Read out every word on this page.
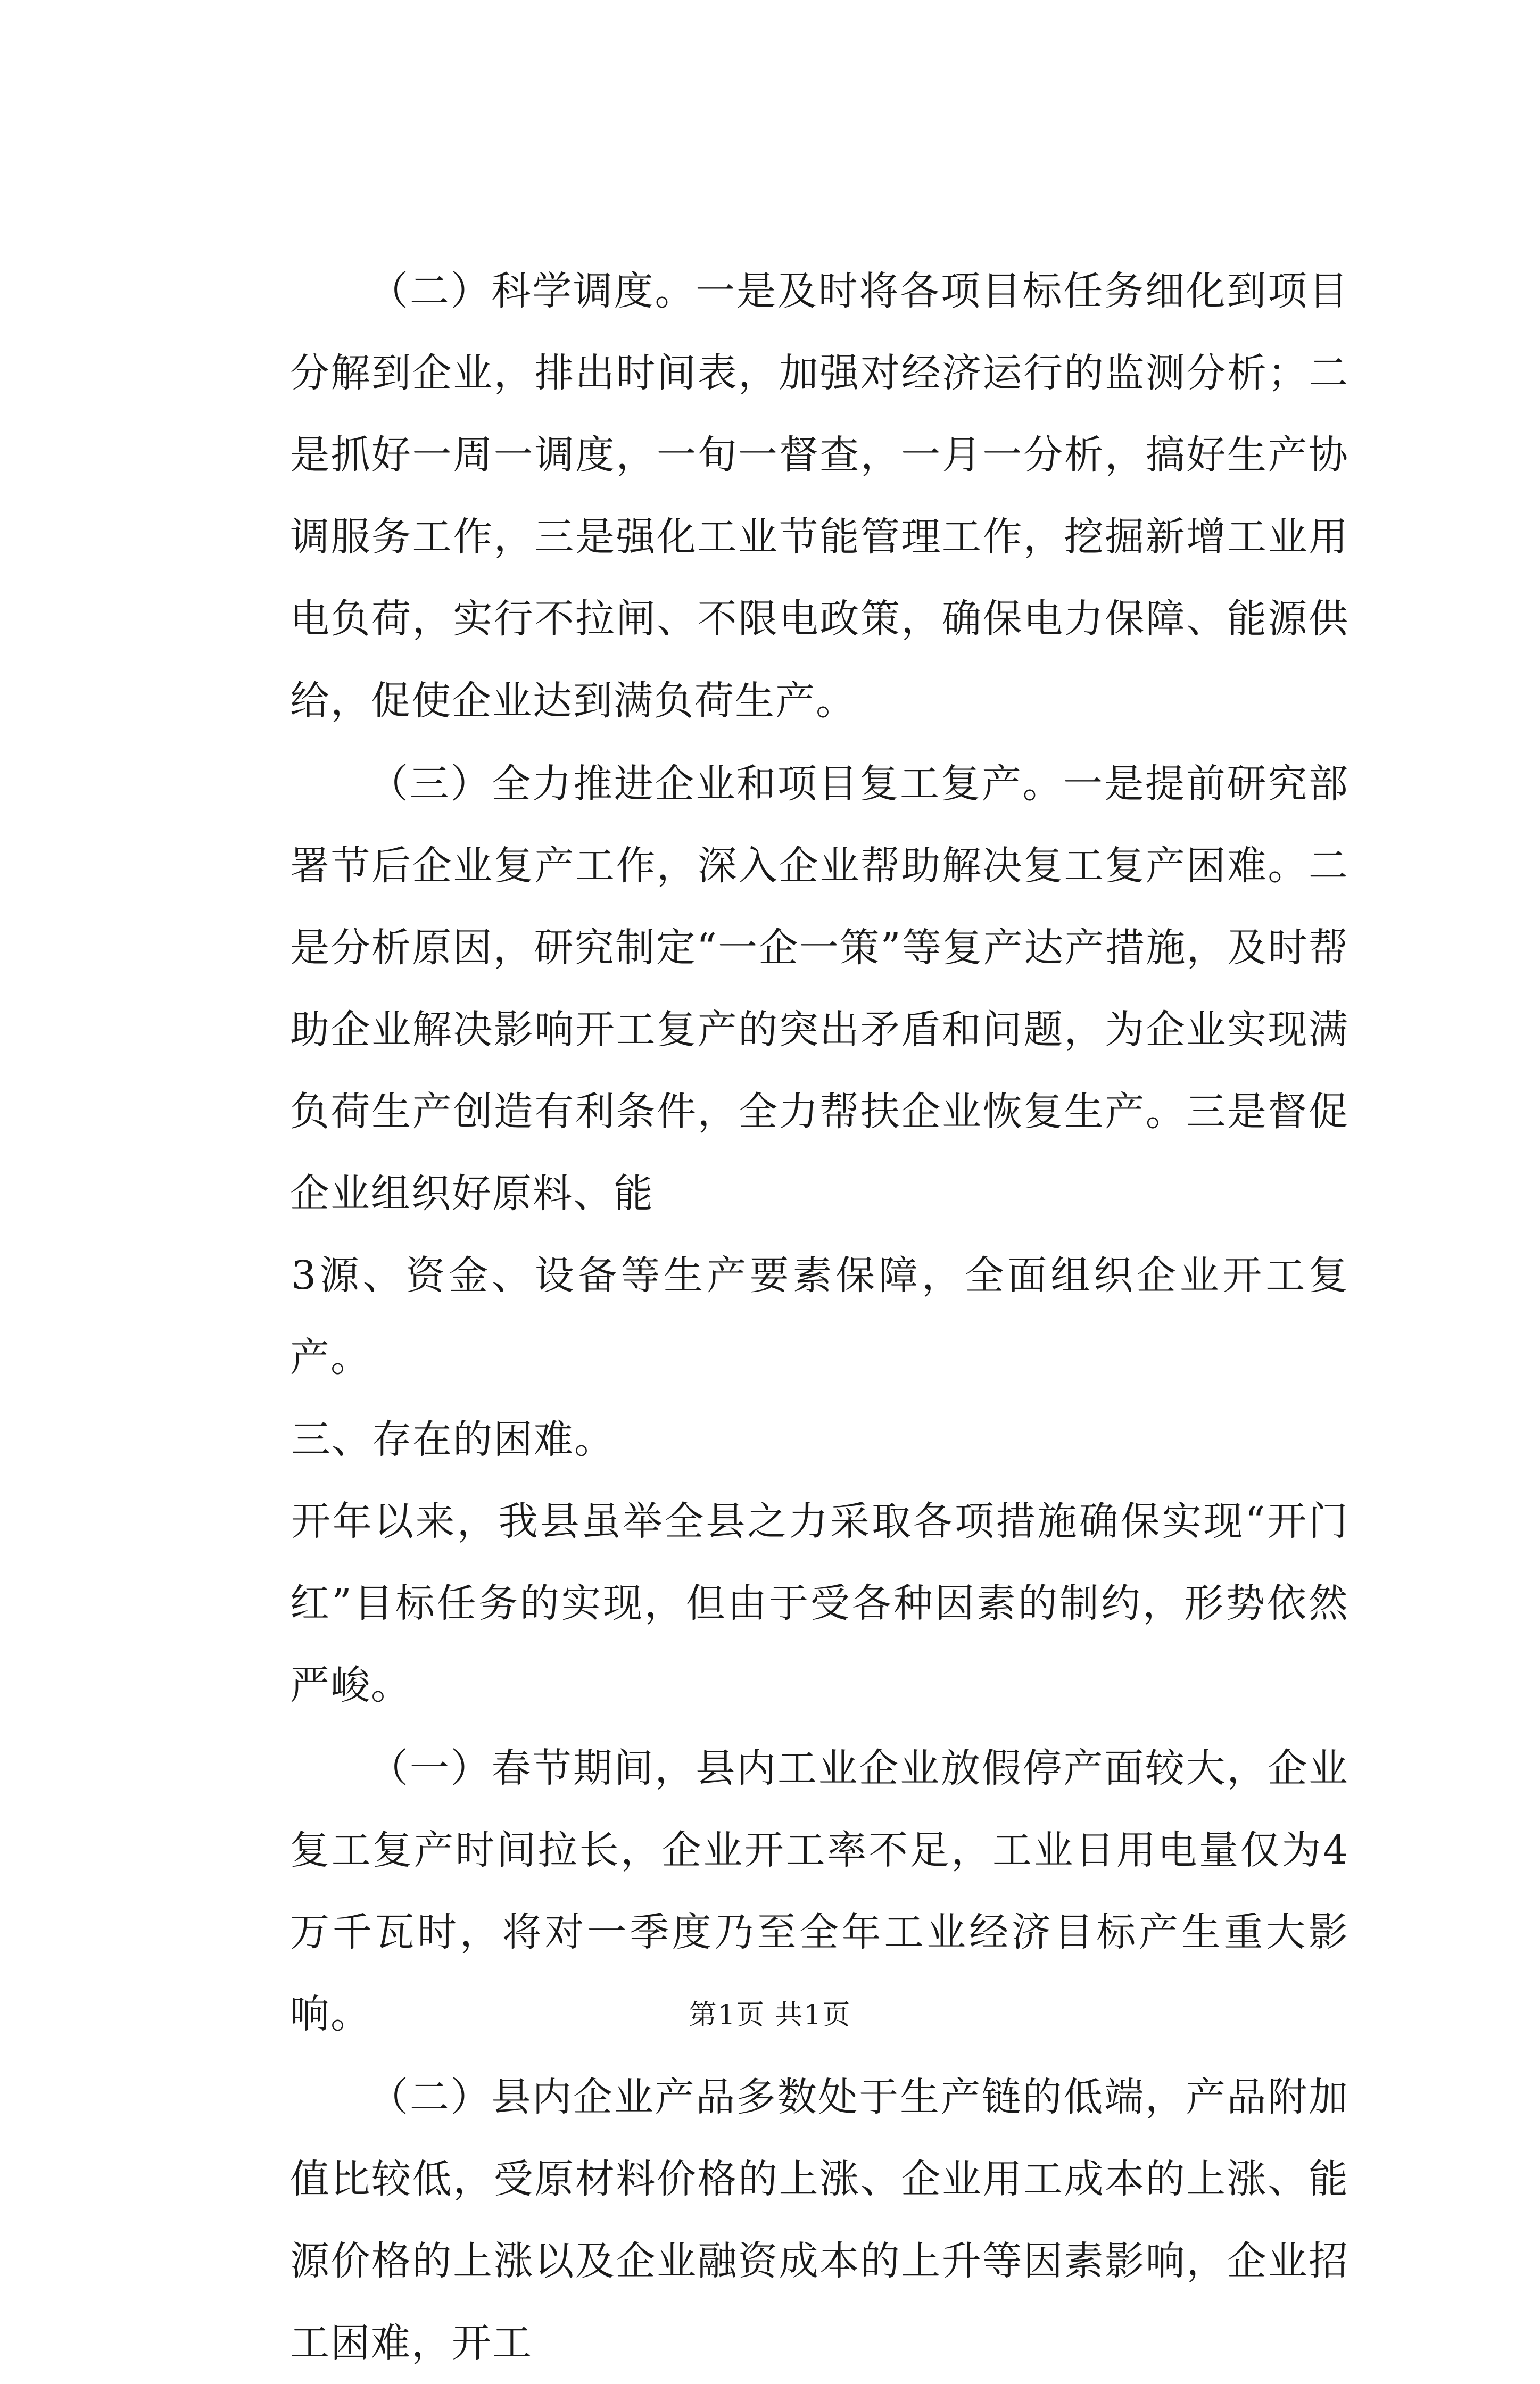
（二）科学调度。一是及时将各项目标任务细化到项目分解到企业，排出时间表，加强对经济运行的监测分析；二是抓好一周一调度，一旬一督查，一月一分析，搞好生产协调服务工作，三是强化工业节能管理工作，挖掘新增工业用电负荷，实行不拉闸、不限电政策，确保电力保障、能源供给，促使企业达到满负荷生产。

（三）全力推进企业和项目复工复产。一是提前研究部署节后企业复产工作，深入企业帮助解决复工复产困难。二是分析原因，研究制定“一企一策”等复产达产措施，及时帮助企业解决影响开工复产的突出矛盾和问题，为企业实现满负荷生产创造有利条件，全力帮扶企业恢复生产。三是督促企业组织好原料、能

3源、资金、设备等生产要素保障，全面组织企业开工复产。

三、存在的困难。

开年以来，我县虽举全县之力采取各项措施确保实现“开门红”目标任务的实现，但由于受各种因素的制约，形势依然严峻。

（一）春节期间，县内工业企业放假停产面较大，企业复工复产时间拉长，企业开工率不足，工业日用电量仅为4万千瓦时，将对一季度乃至全年工业经济目标产生重大影响。

（二）县内企业产品多数处于生产链的低端，产品附加值比较低，受原材料价格的上涨、企业用工成本的上涨、能源价格的上涨以及企业融资成本的上升等因素影响，企业招工困难，开工

第1页 共1页
